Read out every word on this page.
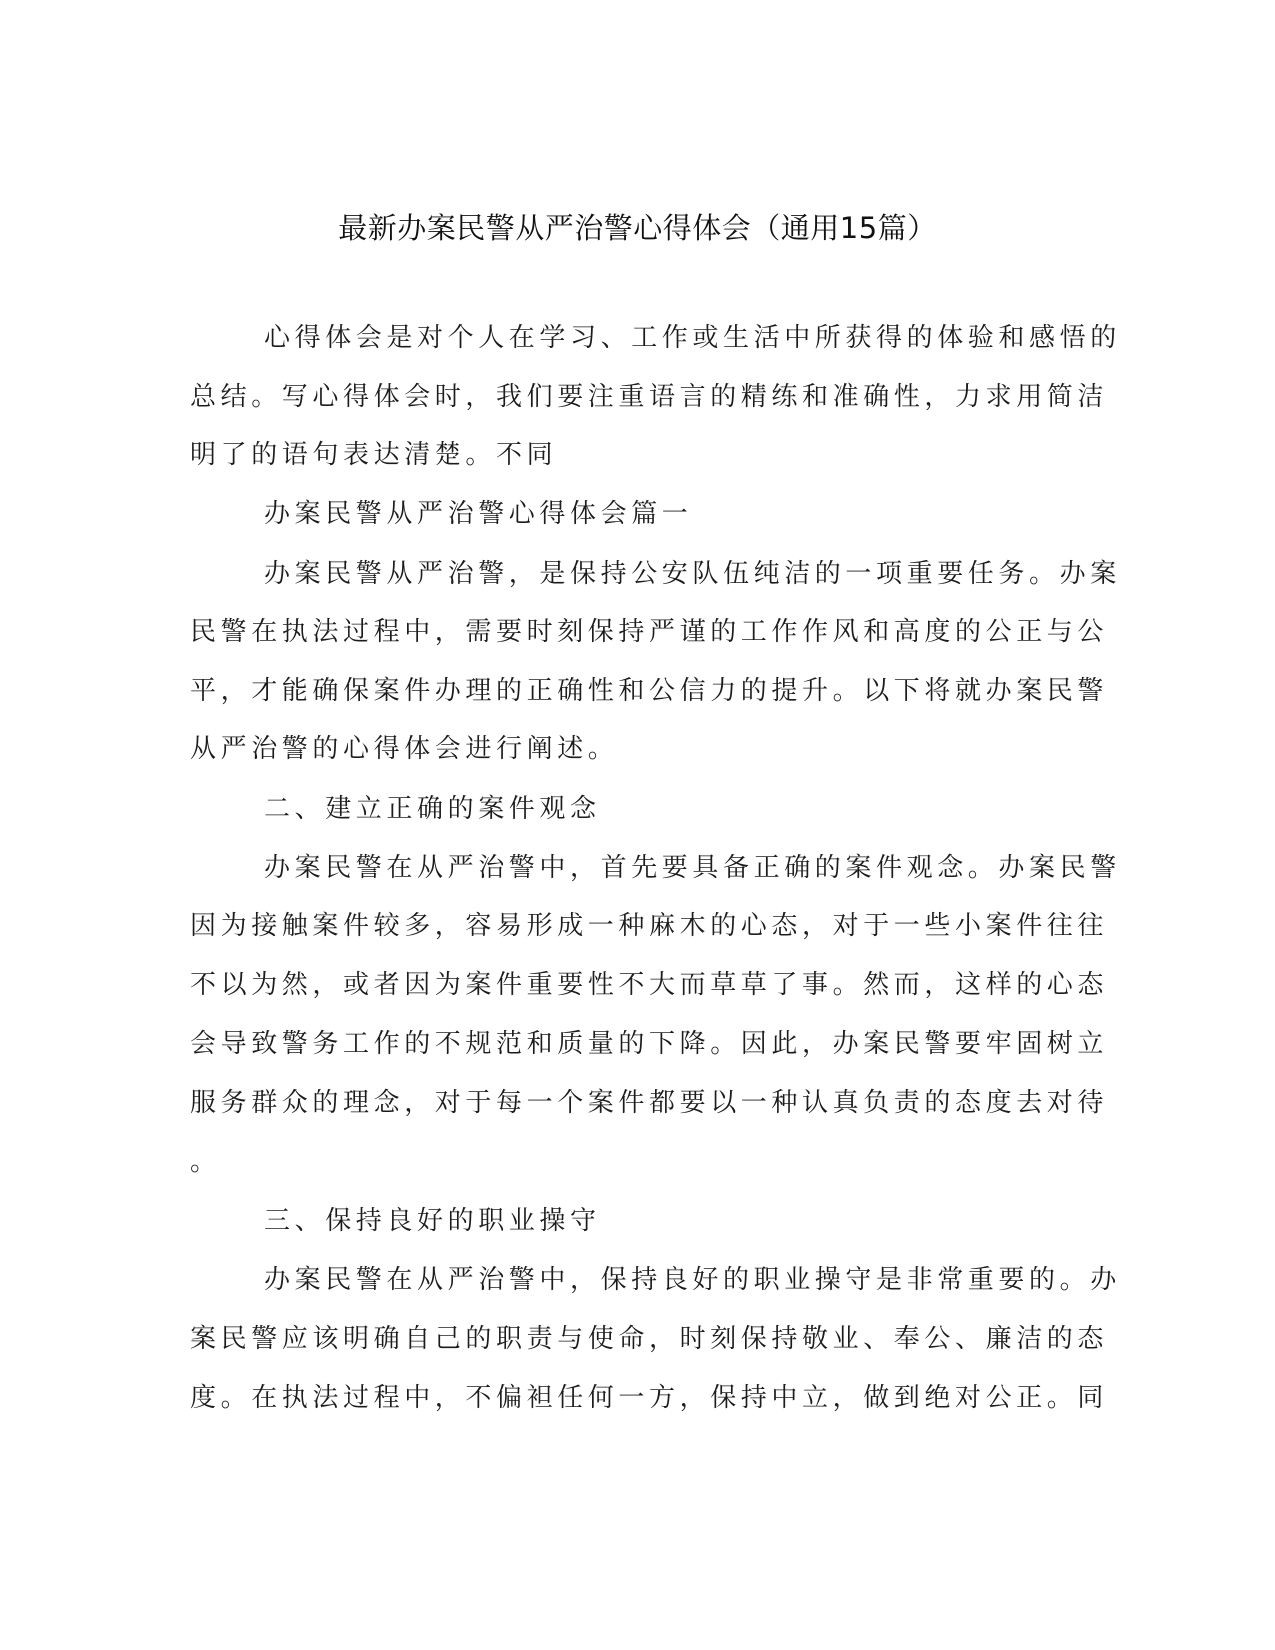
最新办案民警从严治警心得体会（通用15篇）
心得体会是对个人在学习、工作或生活中所获得的体验和感悟的
总结。写心得体会时，我们要注重语言的精练和准确性，力求用简洁
明了的语句表达清楚。不同
办案民警从严治警心得体会篇一
办案民警从严治警，是保持公安队伍纯洁的一项重要任务。办案
民警在执法过程中，需要时刻保持严谨的工作作风和高度的公正与公
平，才能确保案件办理的正确性和公信力的提升。以下将就办案民警
从严治警的心得体会进行阐述。
二、建立正确的案件观念
办案民警在从严治警中，首先要具备正确的案件观念。办案民警
因为接触案件较多，容易形成一种麻木的心态，对于一些小案件往往
不以为然，或者因为案件重要性不大而草草了事。然而，这样的心态
会导致警务工作的不规范和质量的下降。因此，办案民警要牢固树立
服务群众的理念，对于每一个案件都要以一种认真负责的态度去对待
。
三、保持良好的职业操守
办案民警在从严治警中，保持良好的职业操守是非常重要的。办
案民警应该明确自己的职责与使命，时刻保持敬业、奉公、廉洁的态
度。在执法过程中，不偏袒任何一方，保持中立，做到绝对公正。同
